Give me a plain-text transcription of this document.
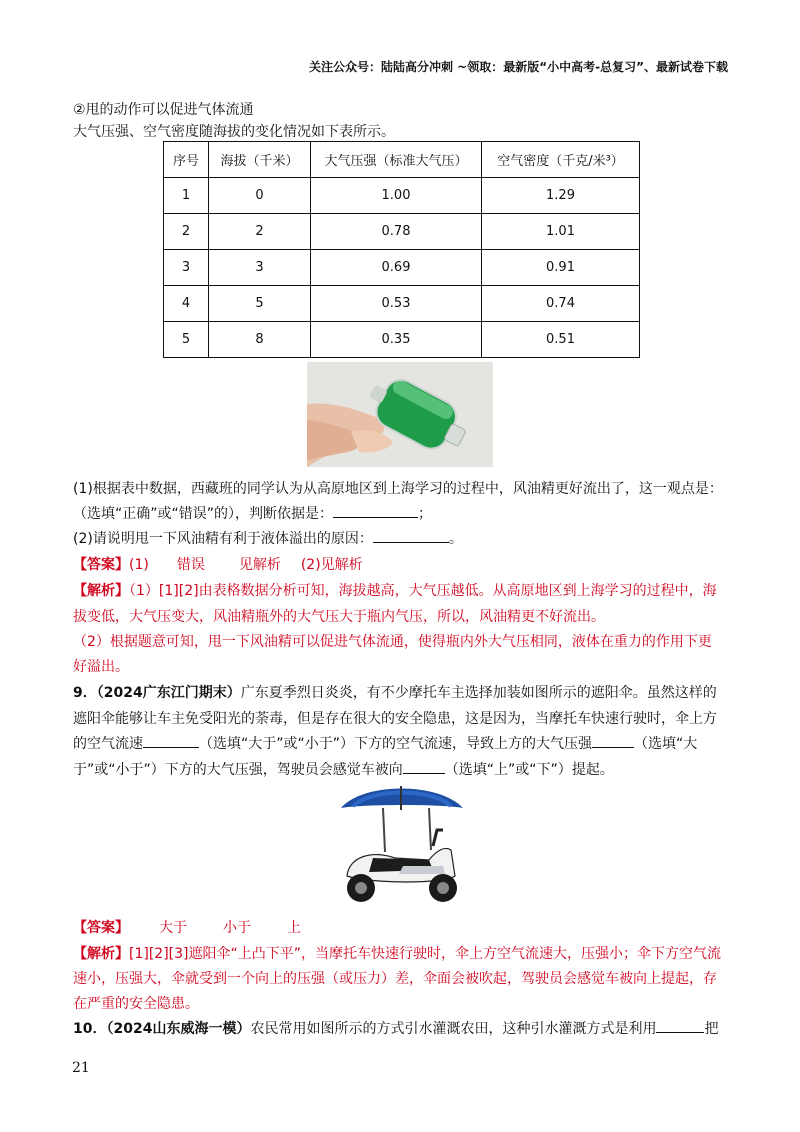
关注公众号：陆陆高分冲刺 ~领取：最新版“小中高考-总复习”、最新试卷下载
②甩的动作可以促进气体流通
大气压强、空气密度随海拔的变化情况如下表所示。
序号	海拔（千米）	大气压强（标准大气压）	空气密度（千克/米³）
1	0	1.00	1.29
2	2	0.78	1.01
3	3	0.69	0.91
4	5	0.53	0.74
5	8	0.35	0.51
(1)根据表中数据，西藏班的同学认为从高原地区到上海学习的过程中，风油精更好流出了，这一观点是：
（选填“正确”或“错误”的），判断依据是：	；
(2)请说明甩一下风油精有利于液体溢出的原因：	。
【答案】(1) 错误 见解析 (2)见解析
【解析】（1）[1][2]由表格数据分析可知，海拔越高，大气压越低。从高原地区到上海学习的过程中，海
拔变低，大气压变大，风油精瓶外的大气压大于瓶内气压，所以，风油精更不好流出。
（2）根据题意可知，甩一下风油精可以促进气体流通，使得瓶内外大气压相同，液体在重力的作用下更
好溢出。
9．（2024广东江门期末）广东夏季烈日炎炎，有不少摩托车主选择加装如图所示的遮阳伞。虽然这样的
遮阳伞能够让车主免受阳光的荼毒，但是存在很大的安全隐患，这是因为，当摩托车快速行驶时，伞上方
的空气流速	（选填“大于”或“小于”）下方的空气流速，导致上方的大气压强	（选填“大
于”或“小于”）下方的大气压强，驾驶员会感觉车被向	（选填“上”或“下”）提起。
【答案】 大于	小于	上
【解析】[1][2][3]遮阳伞“上凸下平”，当摩托车快速行驶时，伞上方空气流速大，压强小；伞下方空气流
速小，压强大，伞就受到一个向上的压强（或压力）差，伞面会被吹起，驾驶员会感觉车被向上提起，存
在严重的安全隐患。
10．（2024山东威海一模）农民常用如图所示的方式引水灌溉农田，这种引水灌溉方式是利用	把
21
